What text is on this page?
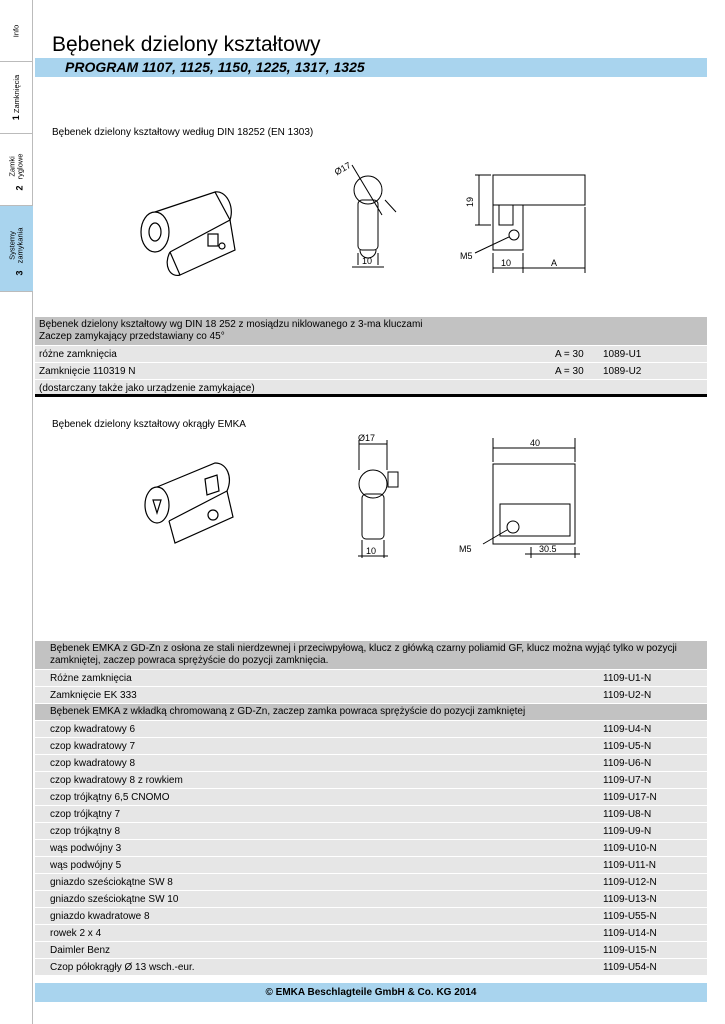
Info
1 Zamknięcia
2 Zamki ryglowe
3 Systemy zamykania
Bębenek dzielony kształtowy
PROGRAM 1107, 1125, 1150, 1225, 1317, 1325
Bębenek dzielony kształtowy według DIN 18252 (EN 1303)
Ø17
10
19
M5
10	A
Bębenek dzielony kształtowy wg DIN 18 252 z mosiądzu niklowanego z 3-ma kluczami
Zaczep zamykający przedstawiany co 45°
różne zamknięcia	A = 30 1089-U1
Zamknięcie 110319 N	A = 30 1089-U2
(dostarczany także jako urządzenie zamykające)
Bębenek dzielony kształtowy okrągły EMKA
Ø17
10
40
M5	30.5
Bębenek EMKA z GD-Zn z osłona ze stali nierdzewnej i przeciwpyłową, klucz z główką czarny poliamid GF, klucz można wyjąć tylko w pozycji zamkniętej, zaczep powraca sprężyście do pozycji zamknięcia.
Różne zamknięcia	1109-U1-N
Zamknięcie EK 333	1109-U2-N
Bębenek EMKA z wkładką chromowaną z GD-Zn, zaczep zamka powraca sprężyście do pozycji zamkniętej
czop kwadratowy 6	1109-U4-N
czop kwadratowy 7	1109-U5-N
czop kwadratowy 8	1109-U6-N
czop kwadratowy 8 z rowkiem	1109-U7-N
czop trójkątny 6,5 CNOMO	1109-U17-N
czop trójkątny 7	1109-U8-N
czop trójkątny 8	1109-U9-N
wąs podwójny 3	1109-U10-N
wąs podwójny 5	1109-U11-N
gniazdo sześciokątne SW 8	1109-U12-N
gniazdo sześciokątne SW 10	1109-U13-N
gniazdo kwadratowe 8	1109-U55-N
rowek 2 x 4	1109-U14-N
Daimler Benz	1109-U15-N
Czop półokrągły Ø 13 wsch.-eur.	1109-U54-N
© EMKA Beschlagteile GmbH & Co. KG 2014
